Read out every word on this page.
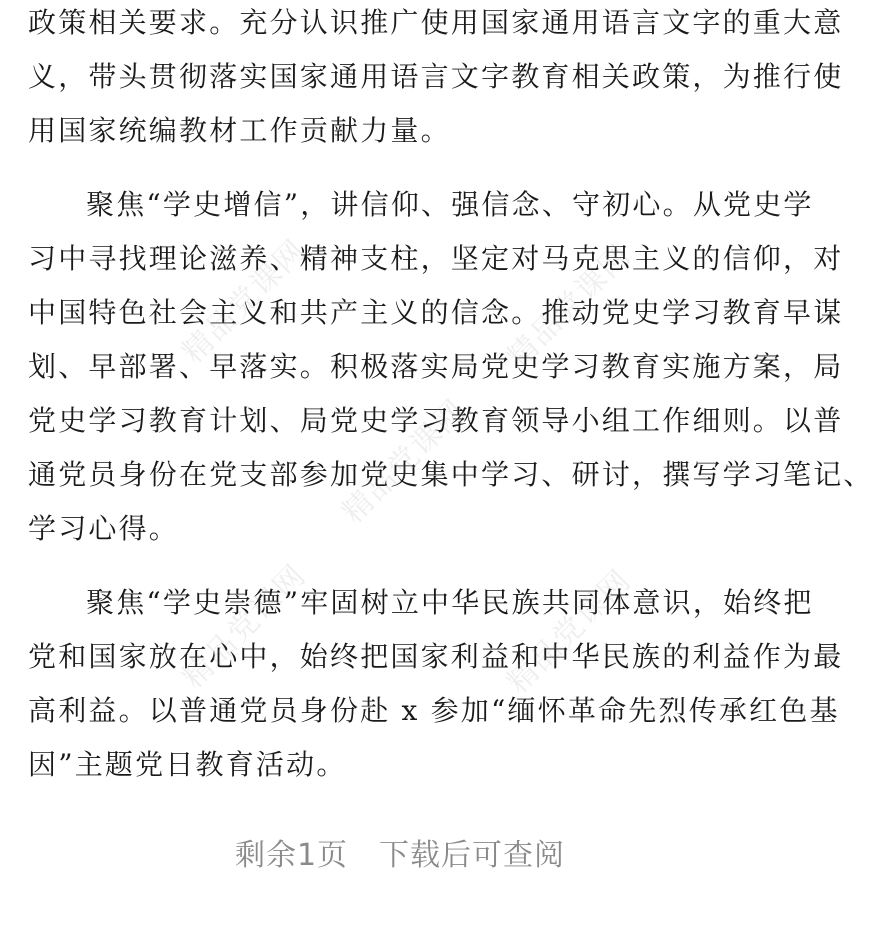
政策相关要求。充分认识推广使用国家通用语言文字的重大意
义，带头贯彻落实国家通用语言文字教育相关政策，为推行使
用国家统编教材工作贡献力量。
聚焦“学史增信”，讲信仰、强信念、守初心。从党史学
习中寻找理论滋养、精神支柱，坚定对马克思主义的信仰，对
中国特色社会主义和共产主义的信念。推动党史学习教育早谋
划、早部署、早落实。积极落实局党史学习教育实施方案，局
党史学习教育计划、局党史学习教育领导小组工作细则。以普
通党员身份在党支部参加党史集中学习、研讨，撰写学习笔记、
学习心得。
聚焦“学史崇德”牢固树立中华民族共同体意识，始终把
党和国家放在心中，始终把国家利益和中华民族的利益作为最
高利益。以普通党员身份赴 x 参加“缅怀革命先烈传承红色基
因”主题党日教育活动。
精品党课网	精品党课网
精品党课网
精品党课网	精品党课网
剩余1页　下载后可查阅
